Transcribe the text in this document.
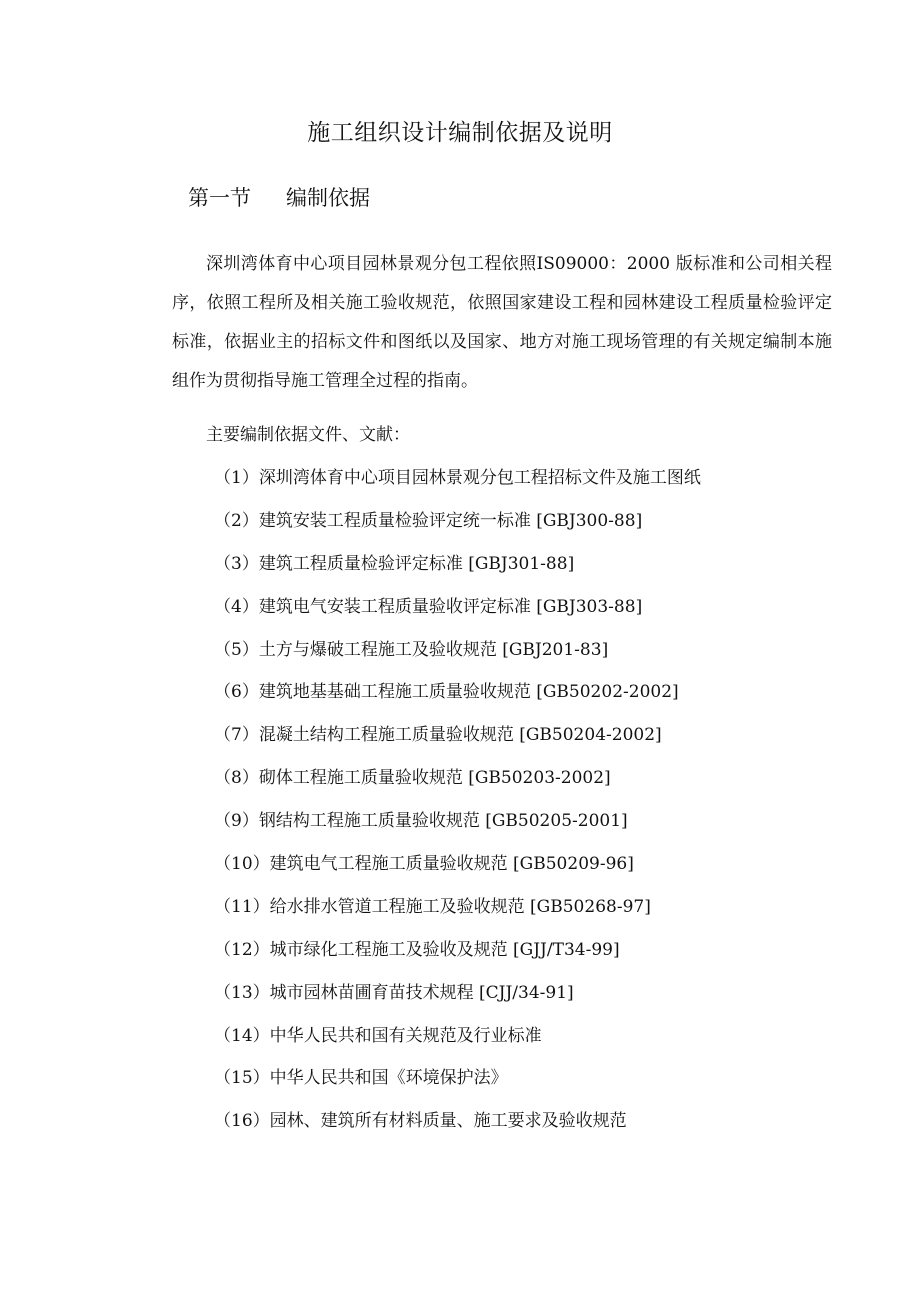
施工组织设计编制依据及说明
第一节 编制依据

深圳湾体育中心项目园林景观分包工程依照IS09000：2000 版标准和公司相关程序，依照工程所及相关施工验收规范，依照国家建设工程和园林建设工程质量检验评定标准，依据业主的招标文件和图纸以及国家、地方对施工现场管理的有关规定编制本施组作为贯彻指导施工管理全过程的指南。

主要编制依据文件、文献：
（1）深圳湾体育中心项目园林景观分包工程招标文件及施工图纸
（2）建筑安装工程质量检验评定统一标准 [GBJ300-88]
（3）建筑工程质量检验评定标准 [GBJ301-88]
（4）建筑电气安装工程质量验收评定标准 [GBJ303-88]
（5）土方与爆破工程施工及验收规范 [GBJ201-83]
（6）建筑地基基础工程施工质量验收规范 [GB50202-2002]
（7）混凝土结构工程施工质量验收规范 [GB50204-2002]
（8）砌体工程施工质量验收规范 [GB50203-2002]
（9）钢结构工程施工质量验收规范 [GB50205-2001]
（10）建筑电气工程施工质量验收规范 [GB50209-96]
（11）给水排水管道工程施工及验收规范 [GB50268-97]
（12）城市绿化工程施工及验收及规范 [GJJ/T34-99]
（13）城市园林苗圃育苗技术规程 [CJJ/34-91]
（14）中华人民共和国有关规范及行业标准
（15）中华人民共和国《环境保护法》
（16）园林、建筑所有材料质量、施工要求及验收规范
